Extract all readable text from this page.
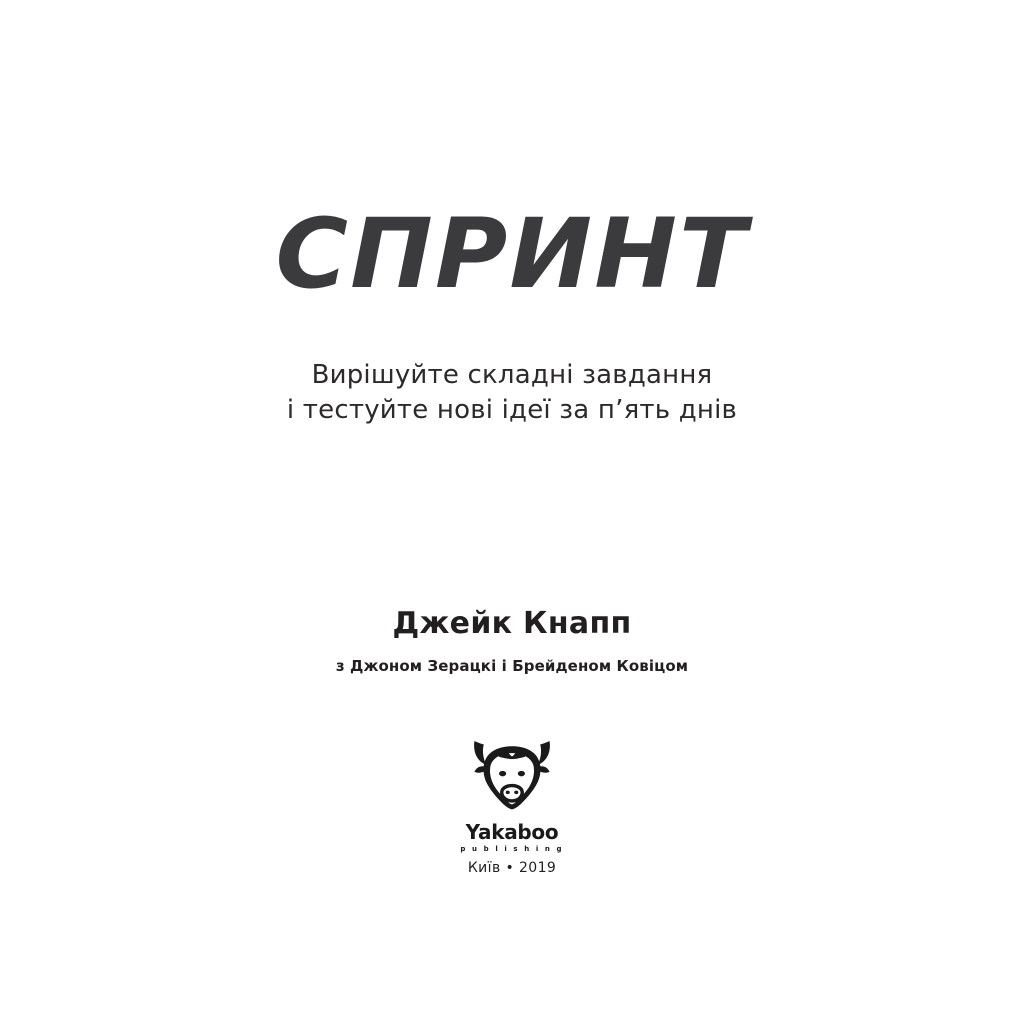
СПРИНТ

Вирішуйте складні завдання

і тестуйте нові ідеї за п’ять днів

Джейк Кнапп

з Джоном Зерацкі і Брейденом Ковіцом

Yakaboo

p u b l i s h i n g

Київ • 2019
